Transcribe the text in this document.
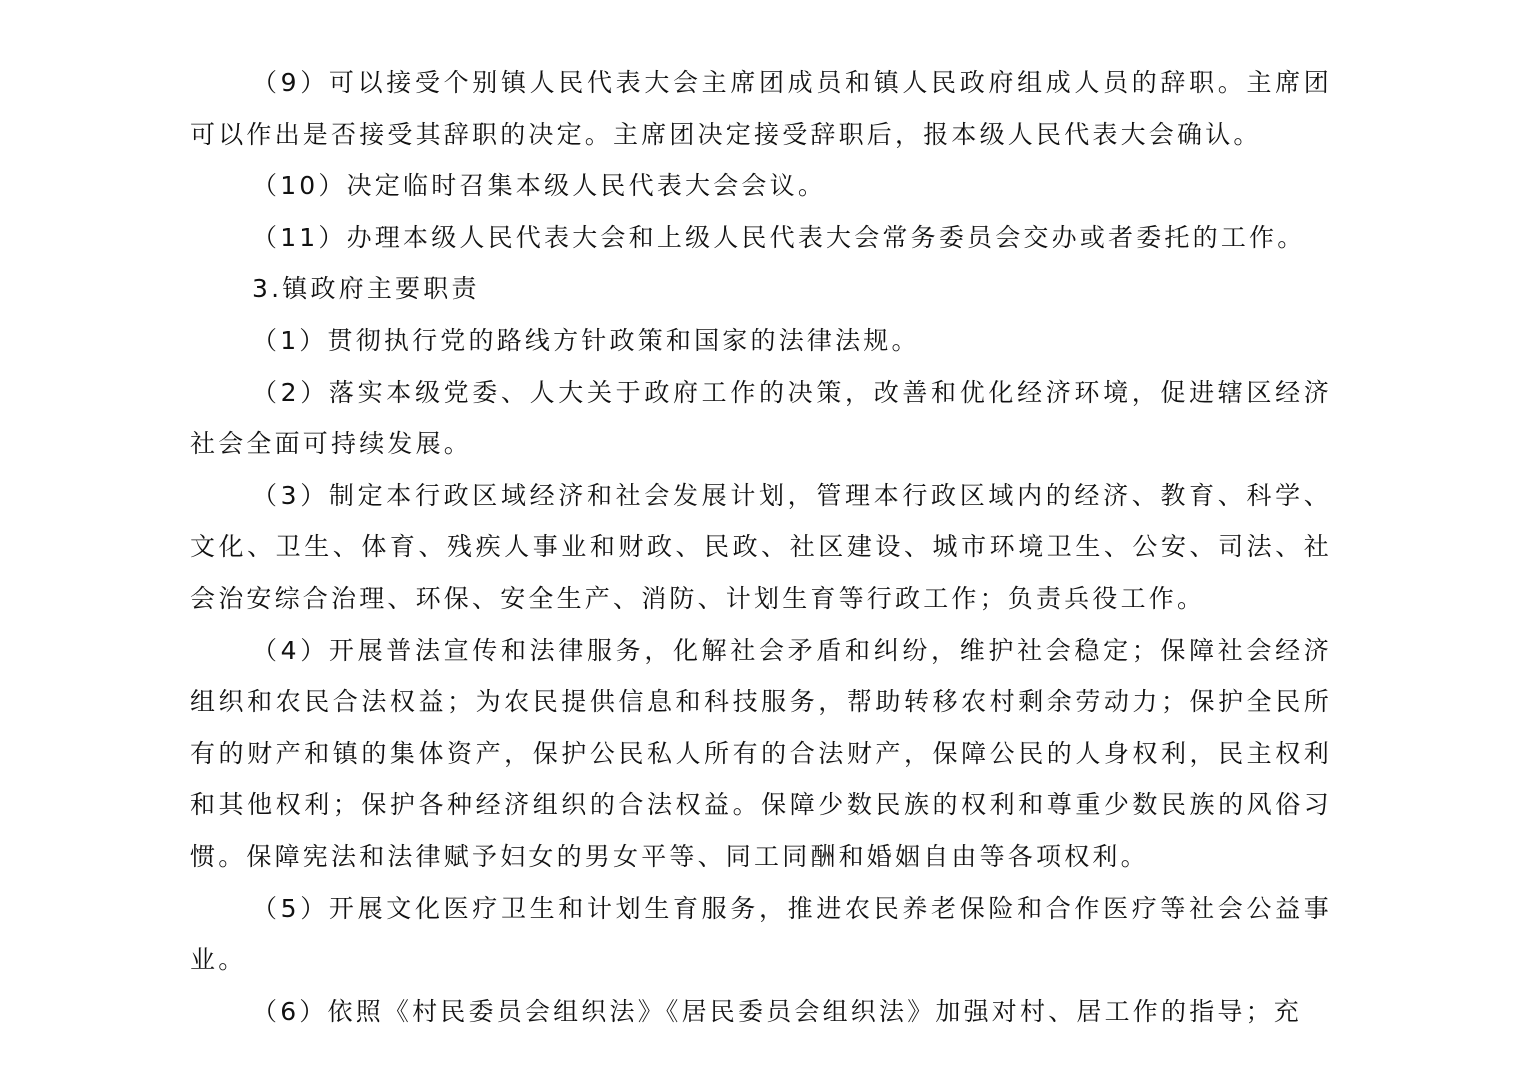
（9）可以接受个别镇人民代表大会主席团成员和镇人民政府组成人员的辞职。主席团可以作出是否接受其辞职的决定。主席团决定接受辞职后，报本级人民代表大会确认。

（10）决定临时召集本级人民代表大会会议。

（11）办理本级人民代表大会和上级人民代表大会常务委员会交办或者委托的工作。

3.镇政府主要职责

（1）贯彻执行党的路线方针政策和国家的法律法规。

（2）落实本级党委、人大关于政府工作的决策，改善和优化经济环境，促进辖区经济社会全面可持续发展。

（3）制定本行政区域经济和社会发展计划，管理本行政区域内的经济、教育、科学、文化、卫生、体育、残疾人事业和财政、民政、社区建设、城市环境卫生、公安、司法、社会治安综合治理、环保、安全生产、消防、计划生育等行政工作；负责兵役工作。

（4）开展普法宣传和法律服务，化解社会矛盾和纠纷，维护社会稳定；保障社会经济组织和农民合法权益；为农民提供信息和科技服务，帮助转移农村剩余劳动力；保护全民所有的财产和镇的集体资产，保护公民私人所有的合法财产，保障公民的人身权利，民主权利和其他权利；保护各种经济组织的合法权益。保障少数民族的权利和尊重少数民族的风俗习惯。保障宪法和法律赋予妇女的男女平等、同工同酬和婚姻自由等各项权利。

（5）开展文化医疗卫生和计划生育服务，推进农民养老保险和合作医疗等社会公益事业。

（6）依照《村民委员会组织法》《居民委员会组织法》加强对村、居工作的指导；充
